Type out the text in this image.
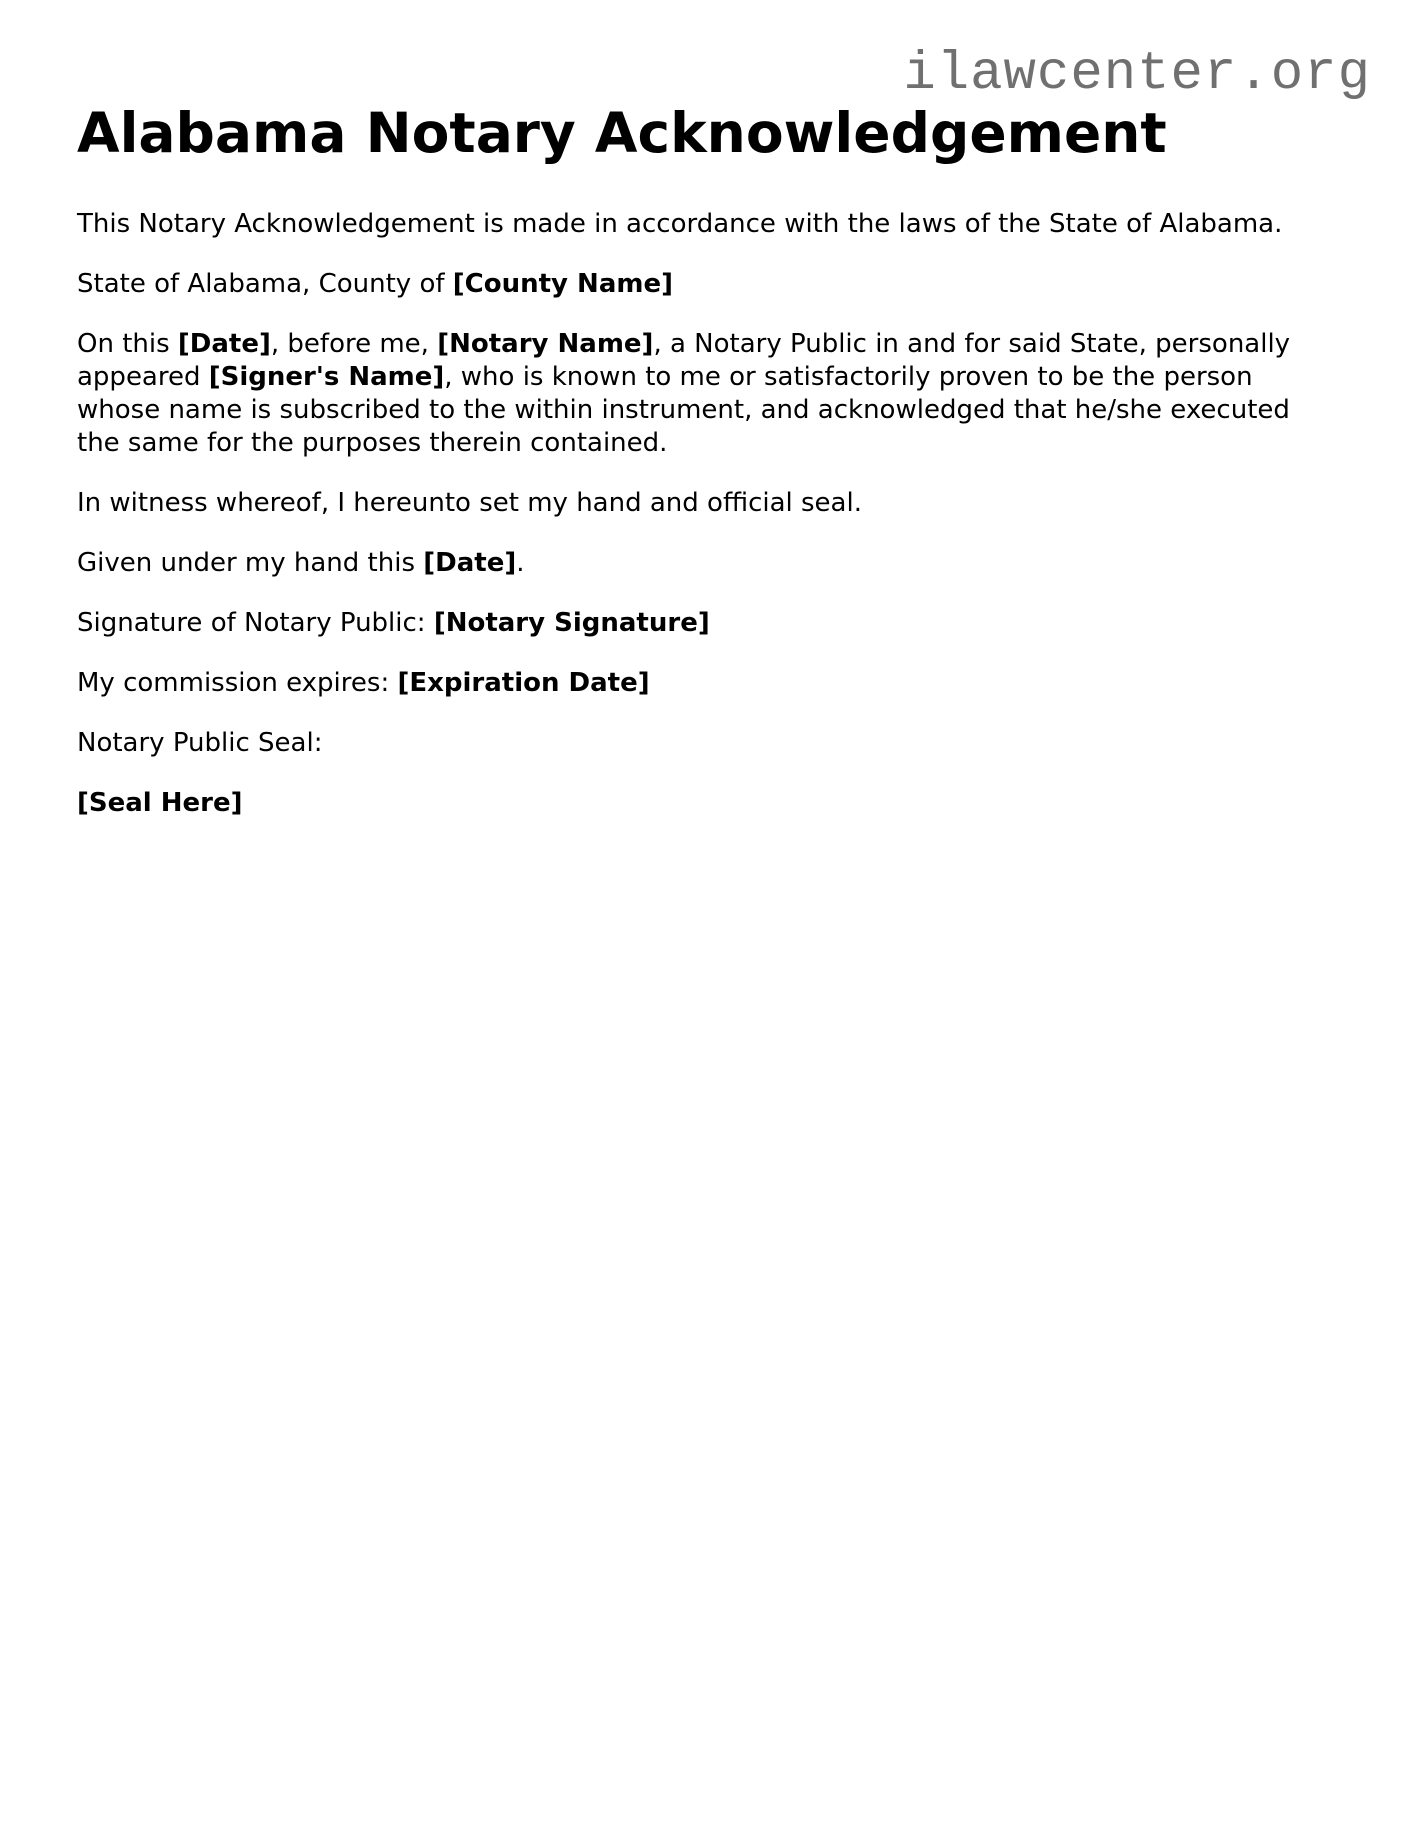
ilawcenter.org
Alabama Notary Acknowledgement

This Notary Acknowledgement is made in accordance with the laws of the State of Alabama.

State of Alabama, County of [County Name]

On this [Date], before me, [Notary Name], a Notary Public in and for said State, personally appeared [Signer's Name], who is known to me or satisfactorily proven to be the person whose name is subscribed to the within instrument, and acknowledged that he/she executed the same for the purposes therein contained.

In witness whereof, I hereunto set my hand and official seal.

Given under my hand this [Date].

Signature of Notary Public: [Notary Signature]

My commission expires: [Expiration Date]

Notary Public Seal:

[Seal Here]
